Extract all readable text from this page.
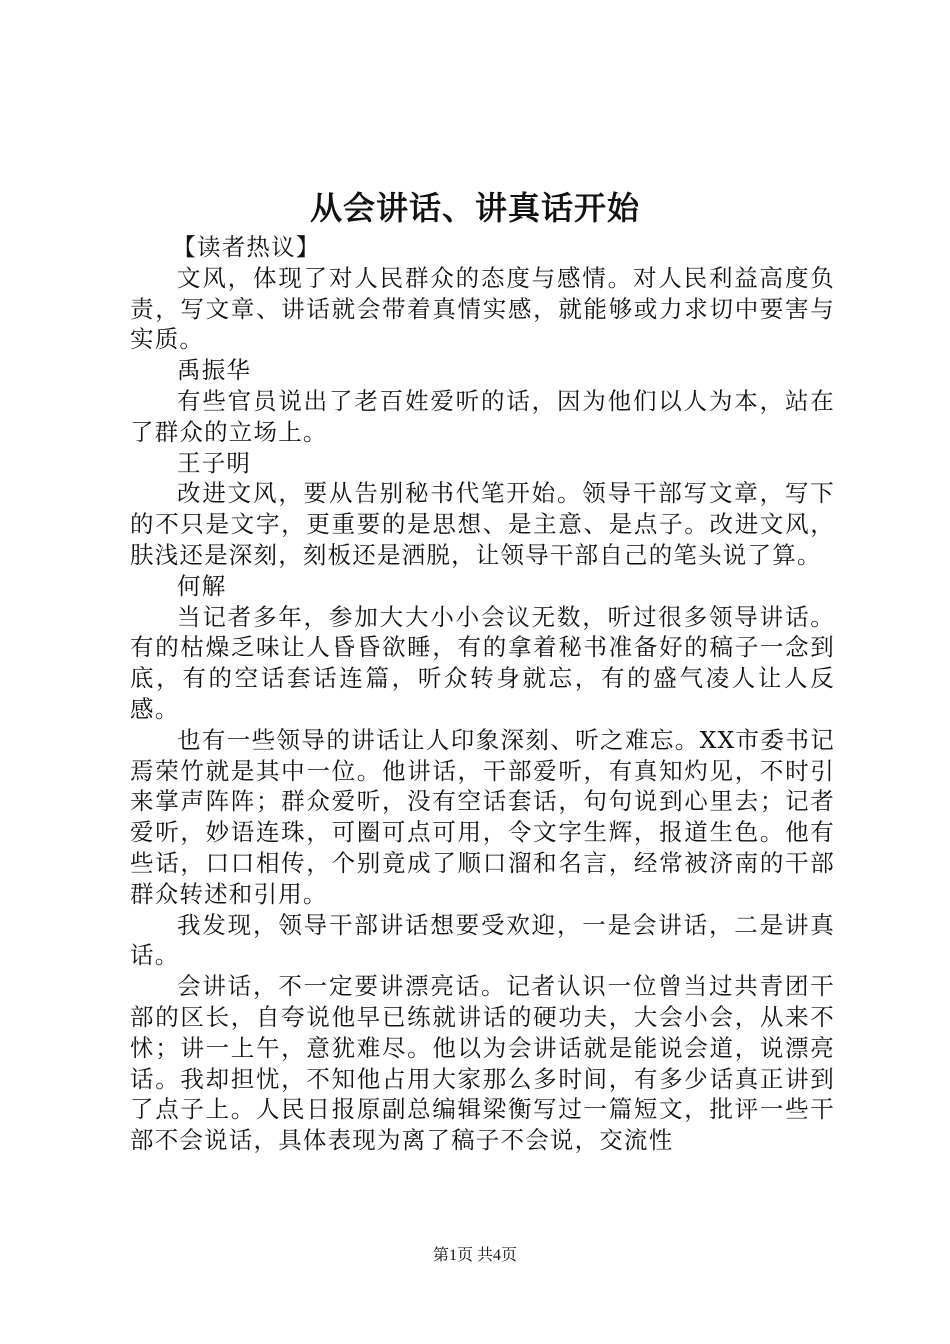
从会讲话、讲真话开始

【读者热议】

文风，体现了对人民群众的态度与感情。对人民利益高度负责，写文章、讲话就会带着真情实感，就能够或力求切中要害与实质。

禹振华

有些官员说出了老百姓爱听的话，因为他们以人为本，站在了群众的立场上。

王子明

改进文风，要从告别秘书代笔开始。领导干部写文章，写下的不只是文字，更重要的是思想、是主意、是点子。改进文风，肤浅还是深刻，刻板还是洒脱，让领导干部自己的笔头说了算。

何解

当记者多年，参加大大小小会议无数，听过很多领导讲话。有的枯燥乏味让人昏昏欲睡，有的拿着秘书准备好的稿子一念到底，有的空话套话连篇，听众转身就忘，有的盛气凌人让人反感。

也有一些领导的讲话让人印象深刻、听之难忘。XX市委书记焉荣竹就是其中一位。他讲话，干部爱听，有真知灼见，不时引来掌声阵阵；群众爱听，没有空话套话，句句说到心里去；记者爱听，妙语连珠，可圈可点可用，令文字生辉，报道生色。他有些话，口口相传，个别竟成了顺口溜和名言，经常被济南的干部群众转述和引用。

我发现，领导干部讲话想要受欢迎，一是会讲话，二是讲真话。

会讲话，不一定要讲漂亮话。记者认识一位曾当过共青团干部的区长，自夸说他早已练就讲话的硬功夫，大会小会，从来不怵；讲一上午，意犹难尽。他以为会讲话就是能说会道，说漂亮话。我却担忧，不知他占用大家那么多时间，有多少话真正讲到了点子上。人民日报原副总编辑梁衡写过一篇短文，批评一些干部不会说话，具体表现为离了稿子不会说，交流性

第1页 共4页
